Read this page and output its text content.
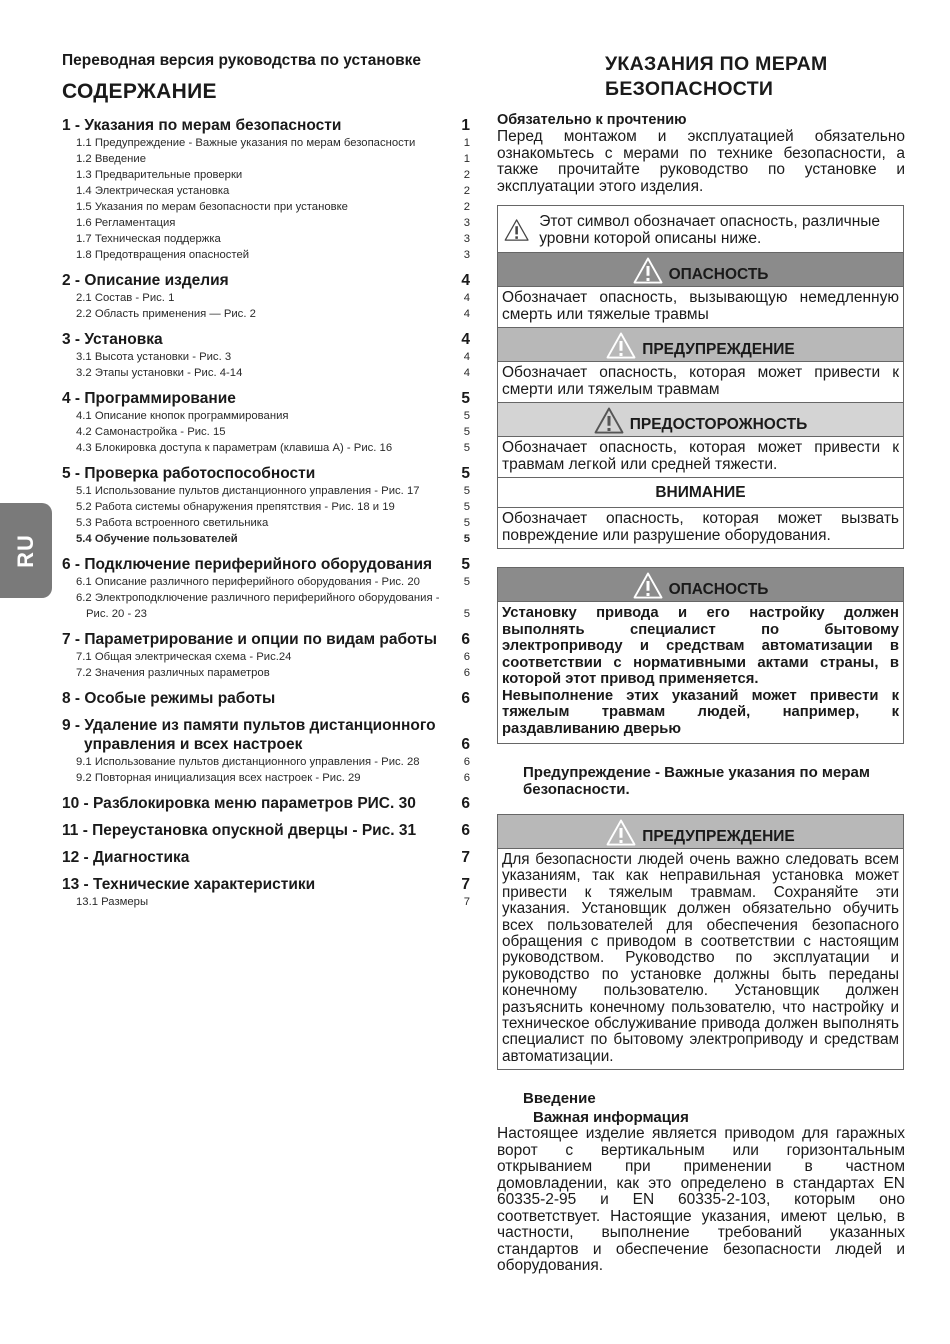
RU

Переводная версия руководства по установке

СОДЕРЖАНИЕ
1 - Указания по мерам безопасности	1
1.1 Предупреждение - Важные указания по мерам безопасности	1
1.2 Введение	1
1.3 Предварительные проверки	2
1.4 Электрическая установка	2
1.5 Указания по мерам безопасности при установке	2
1.6 Регламентация	3
1.7 Техническая поддержка	3
1.8 Предотвращения опасностей	3
2 - Описание изделия	4
2.1 Состав - Рис. 1	4
2.2 Область применения — Рис. 2	4
3 - Установка	4
3.1 Высота установки - Рис. 3	4
3.2 Этапы установки - Рис. 4-14	4
4 - Программирование	5
4.1 Описание кнопок программирования	5
4.2 Самонастройка - Рис. 15	5
4.3 Блокировка доступа к параметрам (клавиша А) - Рис. 16	5
5 - Проверка работоспособности	5
5.1 Использование пультов дистанционного управления - Рис. 17	5
5.2 Работа системы обнаружения препятствия - Рис. 18 и 19	5
5.3 Работа встроенного светильника	5
5.4 Обучение пользователей	5
6 - Подключение периферийного оборудования	5
6.1 Описание различного периферийного оборудования - Рис. 20	5
6.2 Электроподключение различного периферийного оборудования -
Рис. 20 - 23	5
7 - Параметрирование и опции по видам работы	6
7.1 Общая электрическая схема - Рис.24	6
7.2 Значения различных параметров	6
8 - Особые режимы работы	6
9 - Удаление из памяти пультов дистанционного
управления и всех настроек	6
9.1 Использование пультов дистанционного управления - Рис. 28	6
9.2 Повторная инициализация всех настроек - Рис. 29	6
10 - Разблокировка меню параметров РИС. 30	6
11 - Переустановка опускной дверцы - Рис. 31	6
12 - Диагностика	7
13 - Технические характеристики	7
13.1 Размеры	7
УКАЗАНИЯ ПО МЕРАМ
БЕЗОПАСНОСТИ

Обязательно к прочтению

Перед монтажом и эксплуатацией обязательно ознакомьтесь с мерами по технике безопасности, а также прочитайте руководство по установке и эксплуатации этого изделия.

Этот символ обозначает опасность, различные уровни которой описаны ниже.
ОПАСНОСТЬ
Обозначает опасность, вызывающую немедленную смерть или тяжелые травмы
ПРЕДУПРЕЖДЕНИЕ
Обозначает опасность, которая может привести к смерти или тяжелым травмам
ПРЕДОСТОРОЖНОСТЬ
Обозначает опасность, которая может привести к травмам легкой или средней тяжести.
ВНИМАНИЕ
Обозначает опасность, которая может вызвать повреждение или разрушение оборудования.
ОПАСНОСТЬ
Установку привода и его настройку должен выполнять специалист по бытовому электроприводу и средствам автоматизации в соответствии с нормативными актами страны, в которой этот привод применяется.
Невыполнение этих указаний может привести к тяжелым травмам людей, например, к раздавливанию дверью
Предупреждение - Важные указания по мерам безопасности.
ПРЕДУПРЕЖДЕНИЕ
Для безопасности людей очень важно следовать всем указаниям, так как неправильная установка может привести к тяжелым травмам. Сохраняйте эти указания. Установщик должен обязательно обучить всех пользователей для обеспечения безопасного обращения с приводом в соответствии с настоящим руководством. Руководство по эксплуатации и руководство по установке должны быть переданы конечному пользователю. Установщик должен разъяснить конечному пользователю, что настройку и техническое обслуживание привода должен выполнять специалист по бытовому электроприводу и средствам автоматизации.
Введение
Важная информация

Настоящее изделие является приводом для гаражных ворот с вертикальным или горизонтальным открыванием при применении в частном домовладении, как это определено в стандартах EN 60335-2-95 и EN 60335-2-103, которым оно соответствует. Настоящие указания, имеют целью, в частности, выполнение требований указанных стандартов и обеспечение безопасности людей и оборудования.
